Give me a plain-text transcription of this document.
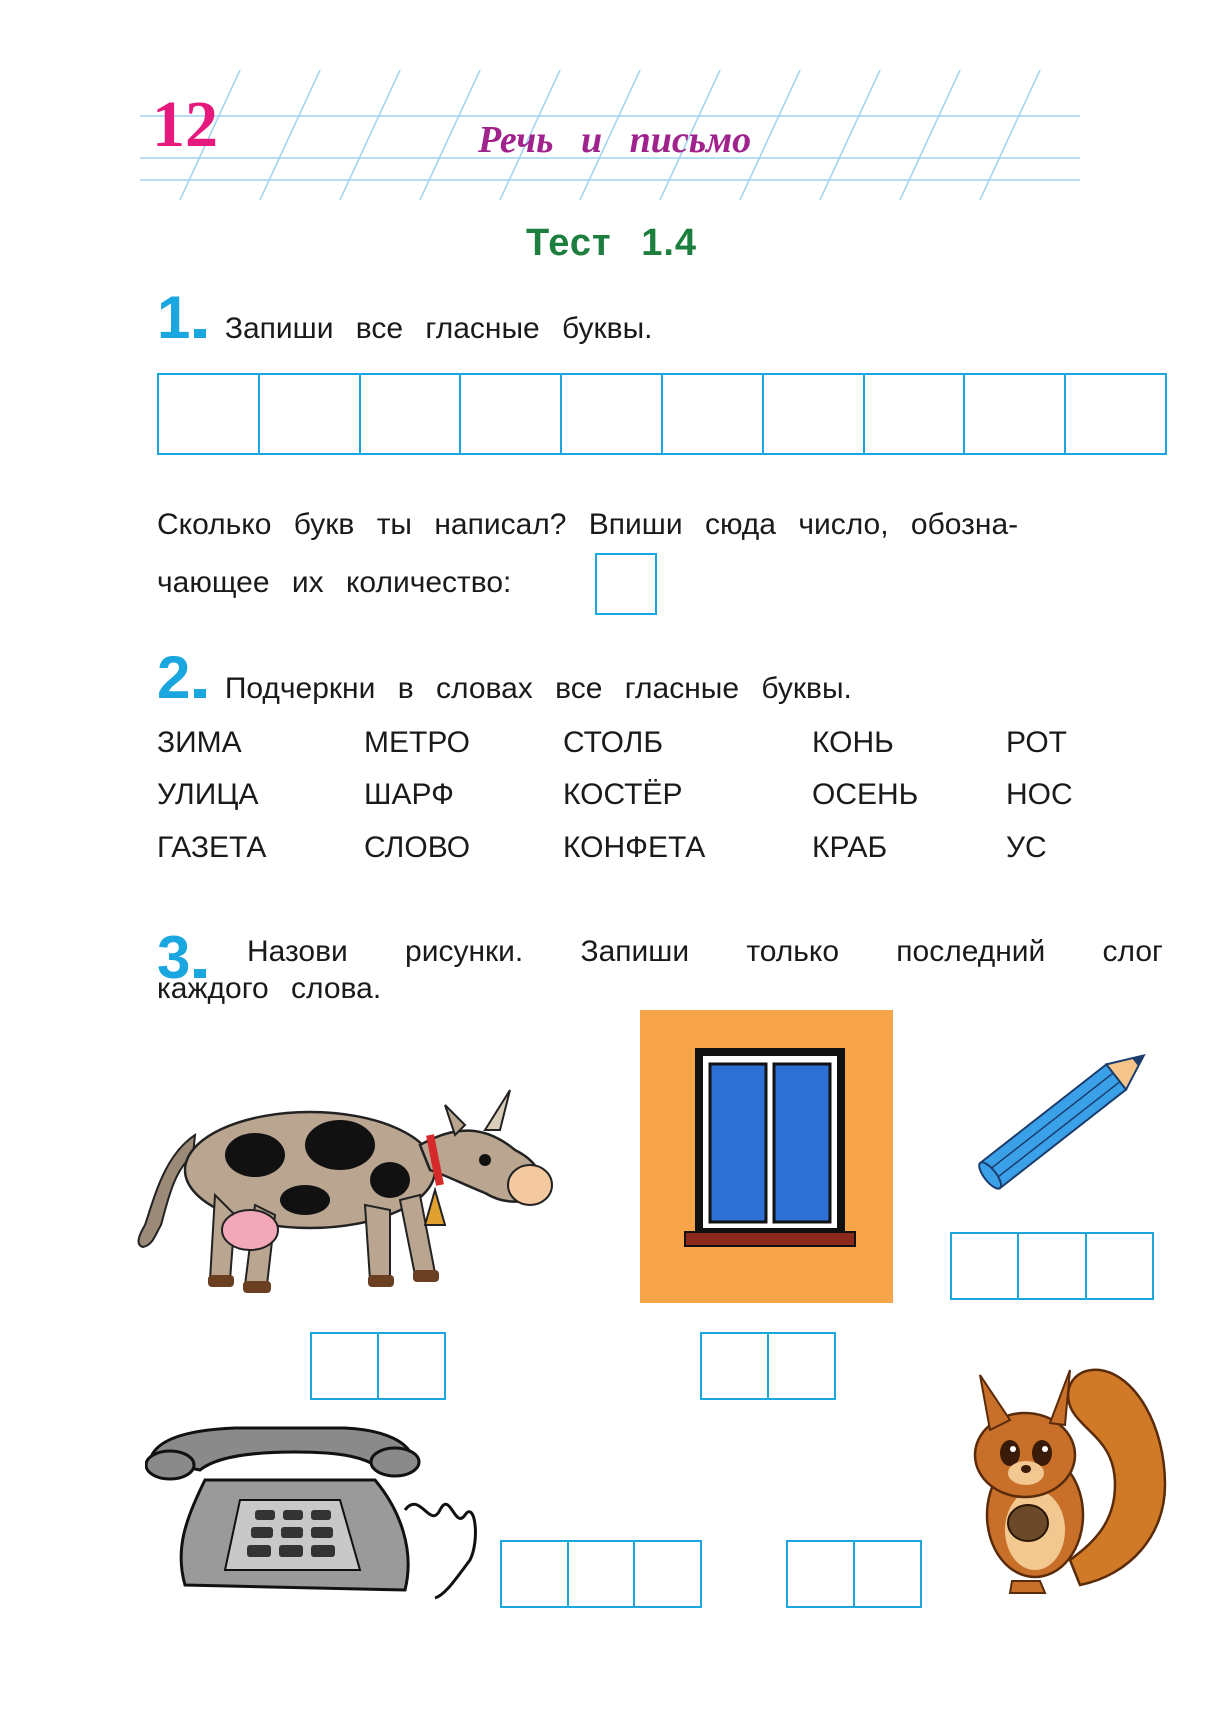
12	Речь и письмо
Тест 1.4
1 Запиши все гласные буквы.
Сколько букв ты написал? Впиши сюда число, обозна-
чающее их количество:
2 Подчеркни в словах все гласные буквы.
ЗИМА	МЕТРО	СТОЛБ	КОНЬ	РОТ
УЛИЦА	ШАРФ	КОСТЁР	ОСЕНЬ	НОС
ГАЗЕТА	СЛОВО	КОНФЕТА	КРАБ	УС
3	Назови рисунки. Запиши только последний слог
каждого слова.
